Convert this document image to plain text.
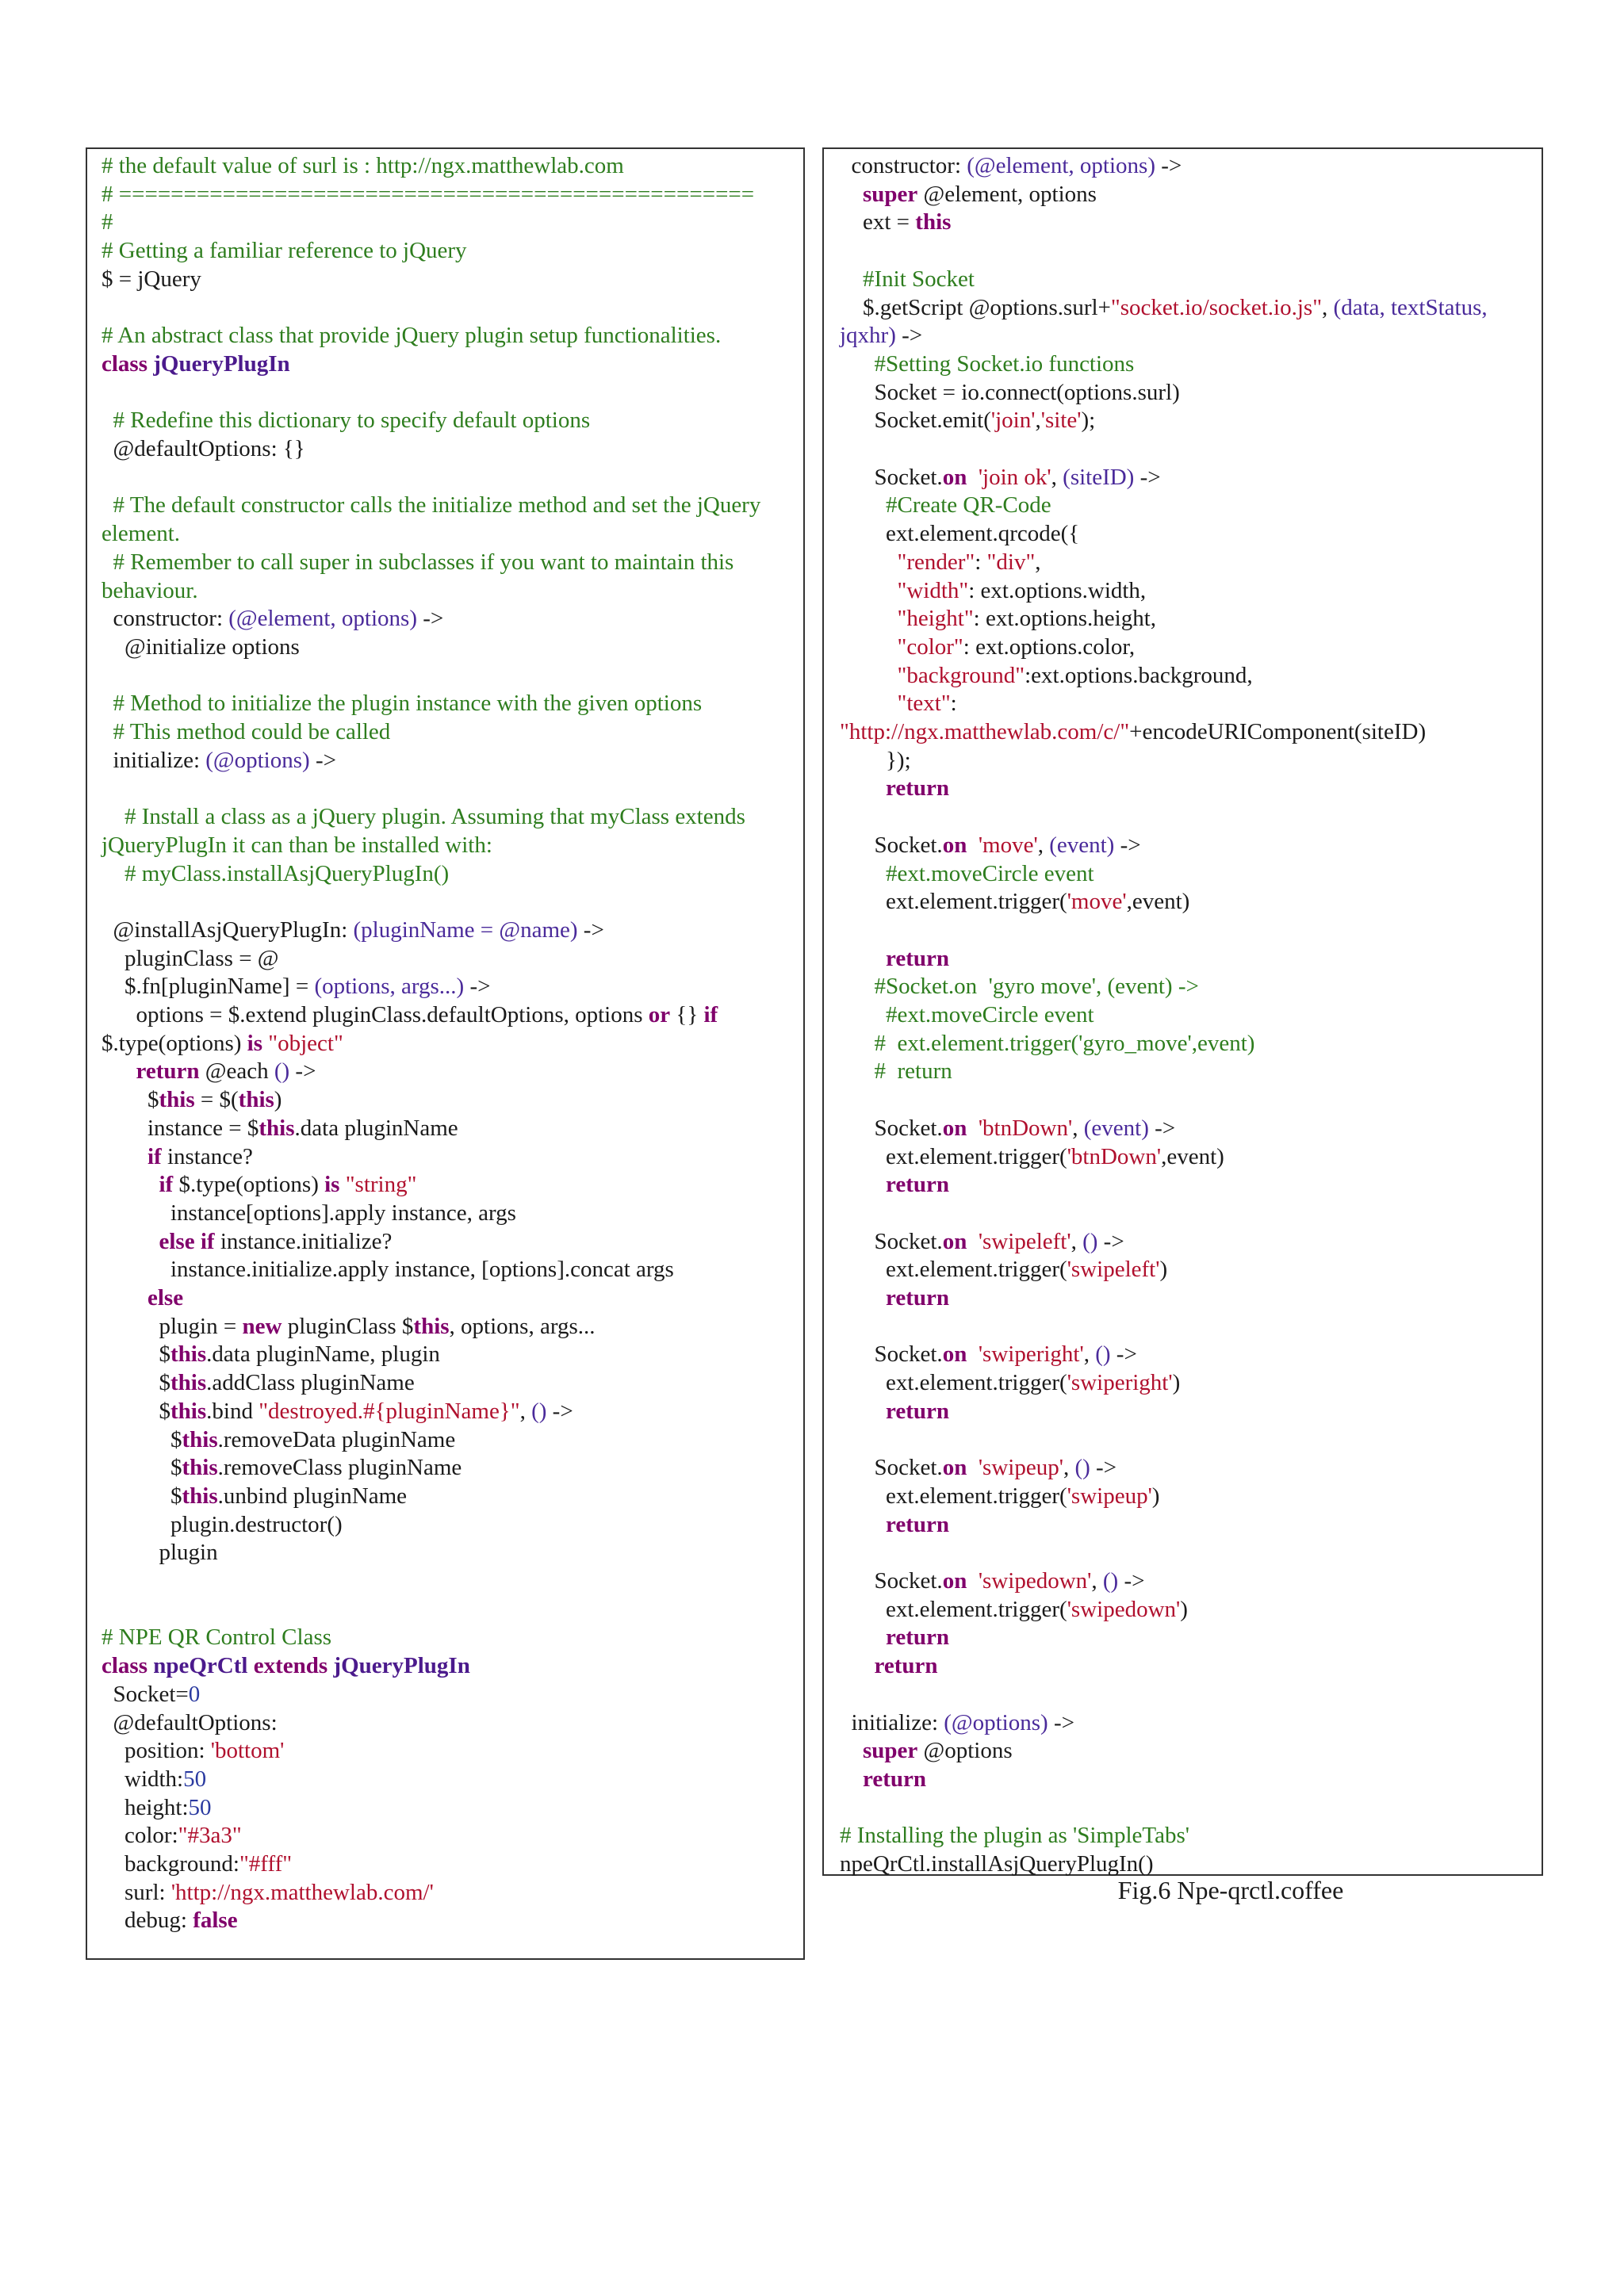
# the default value of surl is : http://ngx.matthewlab.com
# =================================================
#
# Getting a familiar reference to jQuery
$ = jQuery
# An abstract class that provide jQuery plugin setup functionalities.
class jQueryPlugIn
# Redefine this dictionary to specify default options
@defaultOptions: {}
# The default constructor calls the initialize method and set the jQuery element.
# Remember to call super in subclasses if you want to maintain this behaviour.
constructor: (@element, options) ->
@initialize options
# Method to initialize the plugin instance with the given options
# This method could be called
initialize: (@options) ->
# Install a class as a jQuery plugin. Assuming that myClass extends jQueryPlugIn it can than be installed with:
# myClass.installAsjQueryPlugIn()
@installAsjQueryPlugIn: (pluginName = @name) ->
pluginClass = @
$.fn[pluginName] = (options, args...) ->
options = $.extend pluginClass.defaultOptions, options or {} if $.type(options) is "object"
return @each () ->
$this = $(this)
instance = $this.data pluginName
if instance?
if $.type(options) is "string"
instance[options].apply instance, args
else if instance.initialize?
instance.initialize.apply instance, [options].concat args
else
plugin = new pluginClass $this, options, args...
$this.data pluginName, plugin
$this.addClass pluginName
$this.bind "destroyed.#{pluginName}", () ->
$this.removeData pluginName
$this.removeClass pluginName
$this.unbind pluginName
plugin.destructor()
plugin
# NPE QR Control Class
class npeQrCtl extends jQueryPlugIn
Socket=0
@defaultOptions:
position: 'bottom'
width:50
height:50
color:"#3a3"
background:"#fff"
surl: 'http://ngx.matthewlab.com/'
debug: false
constructor: (@element, options) ->
super @element, options
ext = this
#Init Socket
$.getScript @options.surl+"socket.io/socket.io.js", (data, textStatus, jqxhr) ->
#Setting Socket.io functions
Socket = io.connect(options.surl)
Socket.emit('join','site');
Socket.on 'join ok', (siteID) ->
#Create QR-Code
ext.element.qrcode({
"render": "div",
"width": ext.options.width,
"height": ext.options.height,
"color": ext.options.color,
"background":ext.options.background,
"text":
"http://ngx.matthewlab.com/c/"+encodeURIComponent(siteID)
});
return
Socket.on 'move', (event) ->
#ext.moveCircle event
ext.element.trigger('move',event)
return
#Socket.on  'gyro move', (event) ->
#ext.moveCircle event
#  ext.element.trigger('gyro_move',event)
#  return
Socket.on 'btnDown', (event) ->
ext.element.trigger('btnDown',event)
return
Socket.on 'swipeleft', () ->
ext.element.trigger('swipeleft')
return
Socket.on 'swiperight', () ->
ext.element.trigger('swiperight')
return
Socket.on 'swipeup', () ->
ext.element.trigger('swipeup')
return
Socket.on 'swipedown', () ->
ext.element.trigger('swipedown')
return
return
initialize: (@options) ->
super @options
return
# Installing the plugin as 'SimpleTabs'
npeQrCtl.installAsjQueryPlugIn()
Fig.6 Npe-qrctl.coffee
